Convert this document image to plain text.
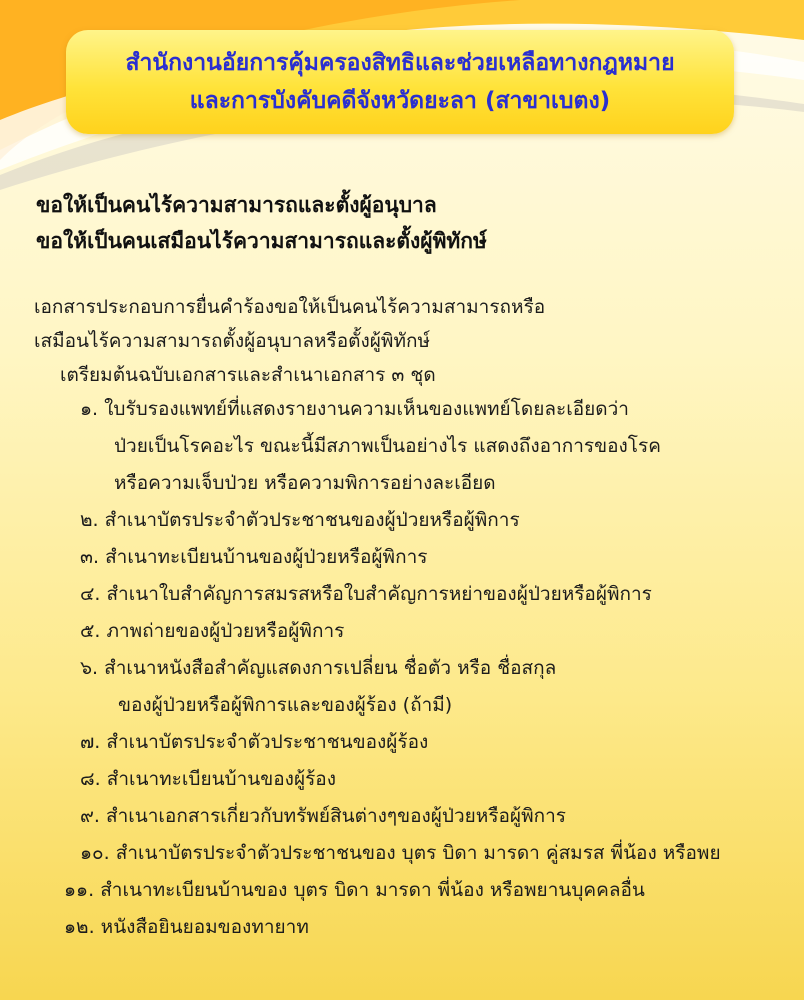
สำนักงานอัยการคุ้มครองสิทธิและช่วยเหลือทางกฎหมาย
และการบังคับคดีจังหวัดยะลา (สาขาเบตง)
ขอให้เป็นคนไร้ความสามารถและตั้งผู้อนุบาล
ขอให้เป็นคนเสมือนไร้ความสามารถและตั้งผู้พิทักษ์
เอกสารประกอบการยื่นคำร้องขอให้เป็นคนไร้ความสามารถหรือ
เสมือนไร้ความสามารถตั้งผู้อนุบาลหรือตั้งผู้พิทักษ์
เตรียมต้นฉบับเอกสารและสำเนาเอกสาร ๓ ชุด
๑. ใบรับรองแพทย์ที่แสดงรายงานความเห็นของแพทย์โดยละเอียดว่า
ป่วยเป็นโรคอะไร ขณะนี้มีสภาพเป็นอย่างไร แสดงถึงอาการของโรค
หรือความเจ็บป่วย หรือความพิการอย่างละเอียด
๒. สำเนาบัตรประจำตัวประชาชนของผู้ป่วยหรือผู้พิการ
๓. สำเนาทะเบียนบ้านของผู้ป่วยหรือผู้พิการ
๔. สำเนาใบสำคัญการสมรสหรือใบสำคัญการหย่าของผู้ป่วยหรือผู้พิการ
๕. ภาพถ่ายของผู้ป่วยหรือผู้พิการ
๖. สำเนาหนังสือสำคัญแสดงการเปลี่ยน ชื่อตัว หรือ ชื่อสกุล
ของผู้ป่วยหรือผู้พิการและของผู้ร้อง (ถ้ามี)
๗. สำเนาบัตรประจำตัวประชาชนของผู้ร้อง
๘. สำเนาทะเบียนบ้านของผู้ร้อง
๙. สำเนาเอกสารเกี่ยวกับทรัพย์สินต่างๆของผู้ป่วยหรือผู้พิการ
๑๐. สำเนาบัตรประจำตัวประชาชนของ บุตร บิดา มารดา คู่สมรส พี่น้อง หรือพย
๑๑. สำเนาทะเบียนบ้านของ บุตร บิดา มารดา พี่น้อง หรือพยานบุคคลอื่น
๑๒. หนังสือยินยอมของทายาท
